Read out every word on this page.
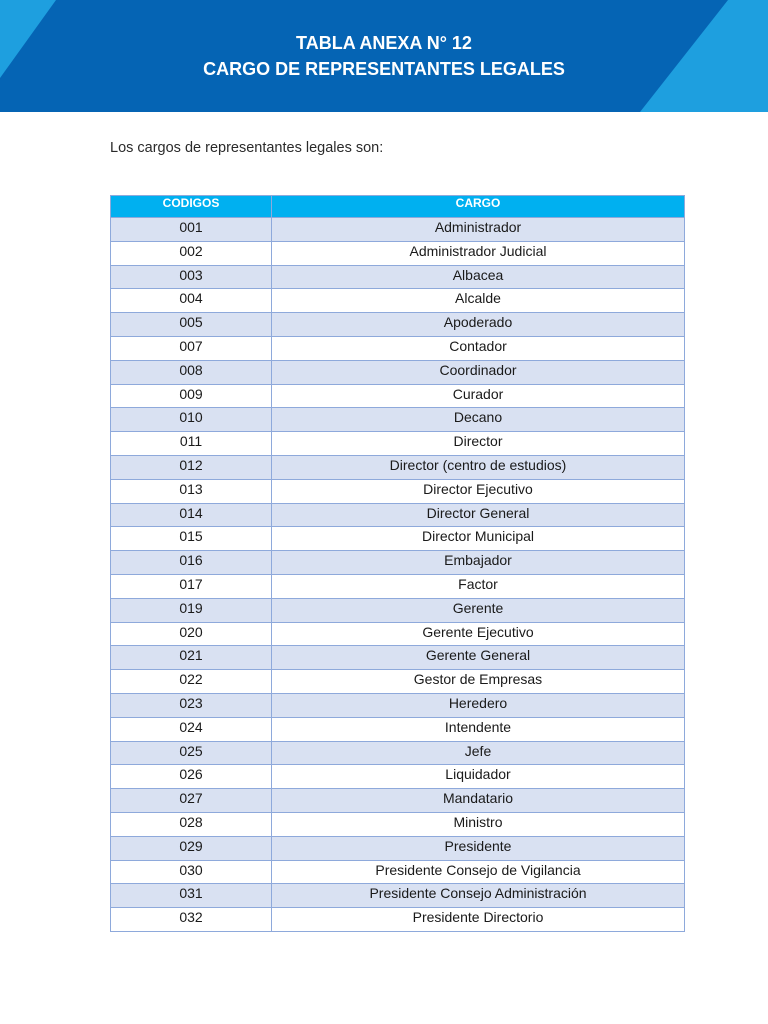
TABLA ANEXA N° 12
CARGO DE REPRESENTANTES LEGALES
Los cargos de representantes legales son:
CODIGOS	CARGO
001	Administrador
002	Administrador Judicial
003	Albacea
004	Alcalde
005	Apoderado
007	Contador
008	Coordinador
009	Curador
010	Decano
011	Director
012	Director (centro de estudios)
013	Director Ejecutivo
014	Director General
015	Director Municipal
016	Embajador
017	Factor
019	Gerente
020	Gerente Ejecutivo
021	Gerente General
022	Gestor de Empresas
023	Heredero
024	Intendente
025	Jefe
026	Liquidador
027	Mandatario
028	Ministro
029	Presidente
030	Presidente Consejo de Vigilancia
031	Presidente Consejo Administración
032	Presidente Directorio
